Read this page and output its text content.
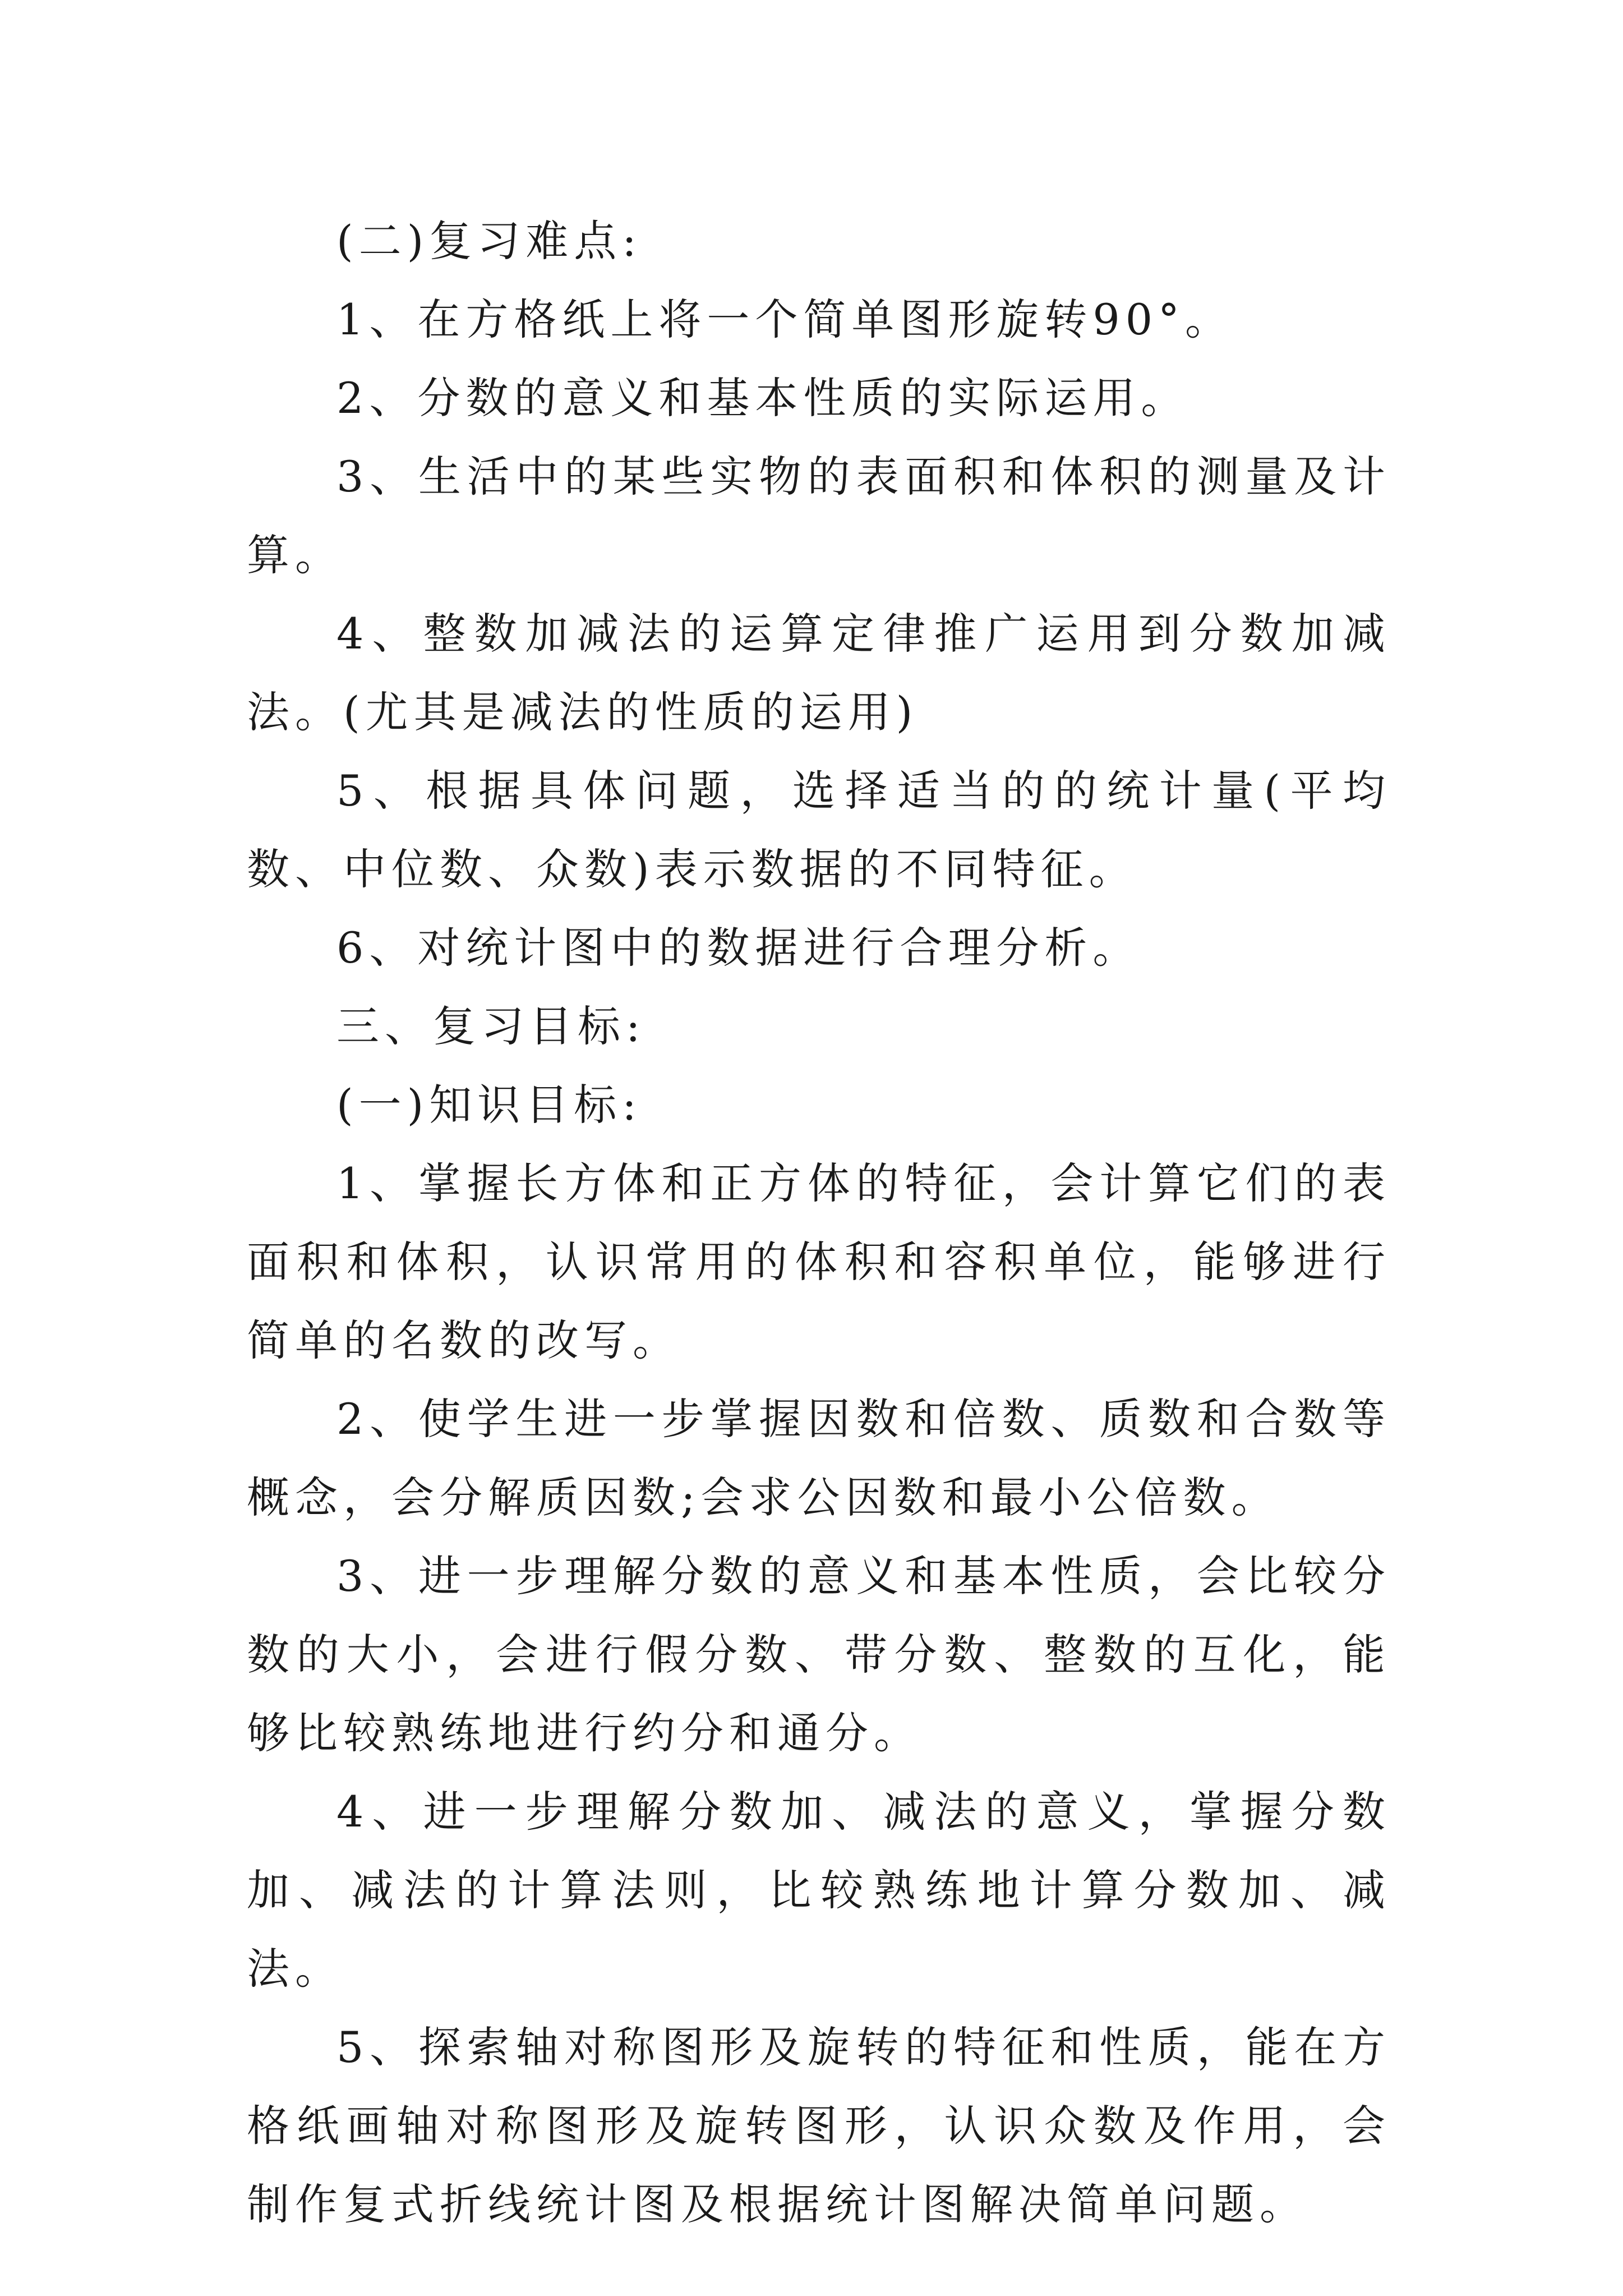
(二)复习难点:

1、在方格纸上将一个简单图形旋转90°。

2、分数的意义和基本性质的实际运用。

3、生活中的某些实物的表面积和体积的测量及计算。

4、整数加减法的运算定律推广运用到分数加减法。(尤其是减法的性质的运用)

5、根据具体问题，选择适当的的统计量(平均数、中位数、众数)表示数据的不同特征。

6、对统计图中的数据进行合理分析。

三、复习目标:

(一)知识目标:

1、掌握长方体和正方体的特征，会计算它们的表面积和体积，认识常用的体积和容积单位，能够进行简单的名数的改写。

2、使学生进一步掌握因数和倍数、质数和合数等概念，会分解质因数;会求公因数和最小公倍数。

3、进一步理解分数的意义和基本性质，会比较分数的大小，会进行假分数、带分数、整数的互化，能够比较熟练地进行约分和通分。

4、进一步理解分数加、减法的意义，掌握分数加、减法的计算法则，比较熟练地计算分数加、减法。

5、探索轴对称图形及旋转的特征和性质，能在方格纸画轴对称图形及旋转图形，认识众数及作用，会制作复式折线统计图及根据统计图解决简单问题。
